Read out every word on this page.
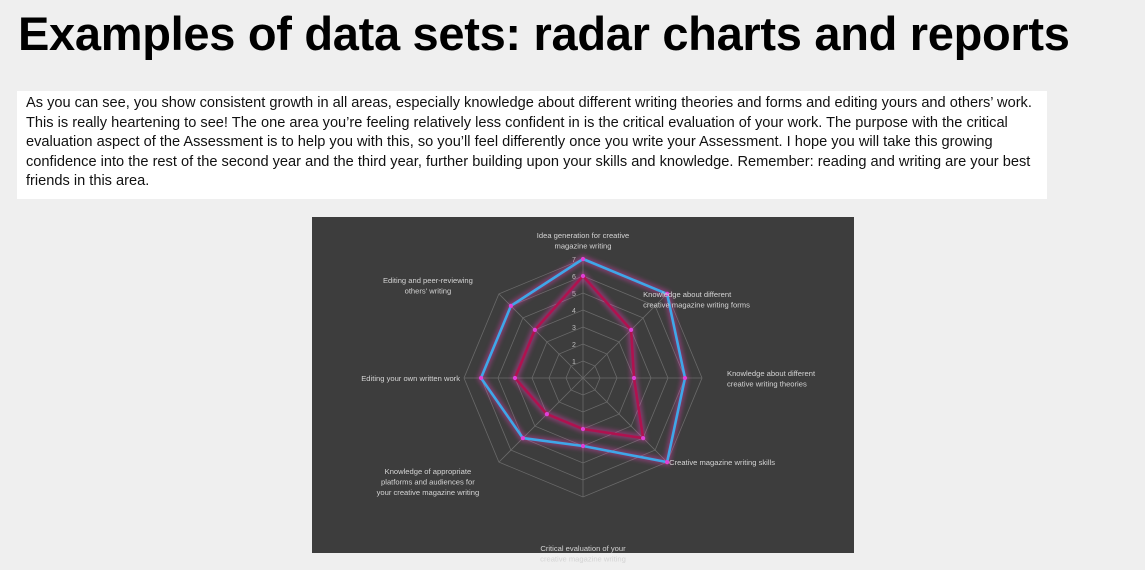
Examples of data sets: radar charts and reports
As you can see, you show consistent growth in all areas, especially knowledge about different writing theories and forms and editing yours and others’ work. This is really heartening to see! The one area you’re feeling relatively less confident in is the critical evaluation of your work. The purpose with the critical evaluation aspect of the Assessment is to help you with this, so you’ll feel differently once you write your Assessment. I hope you will take this growing confidence into the rest of the second year and the third year, further building upon your skills and knowledge. Remember: reading and writing are your best friends in this area.
1
2
3
4
5
6
7
Idea generation for creative magazine writing
Knowledge about different creative magazine writing forms
Knowledge about different creative writing theories
Creative magazine writing skills
Critical evaluation of your creative magazine writing
Knowledge of appropriate platforms and audiences for your creative magazine writing
Editing your own written work
Editing and peer-reviewing others' writing
